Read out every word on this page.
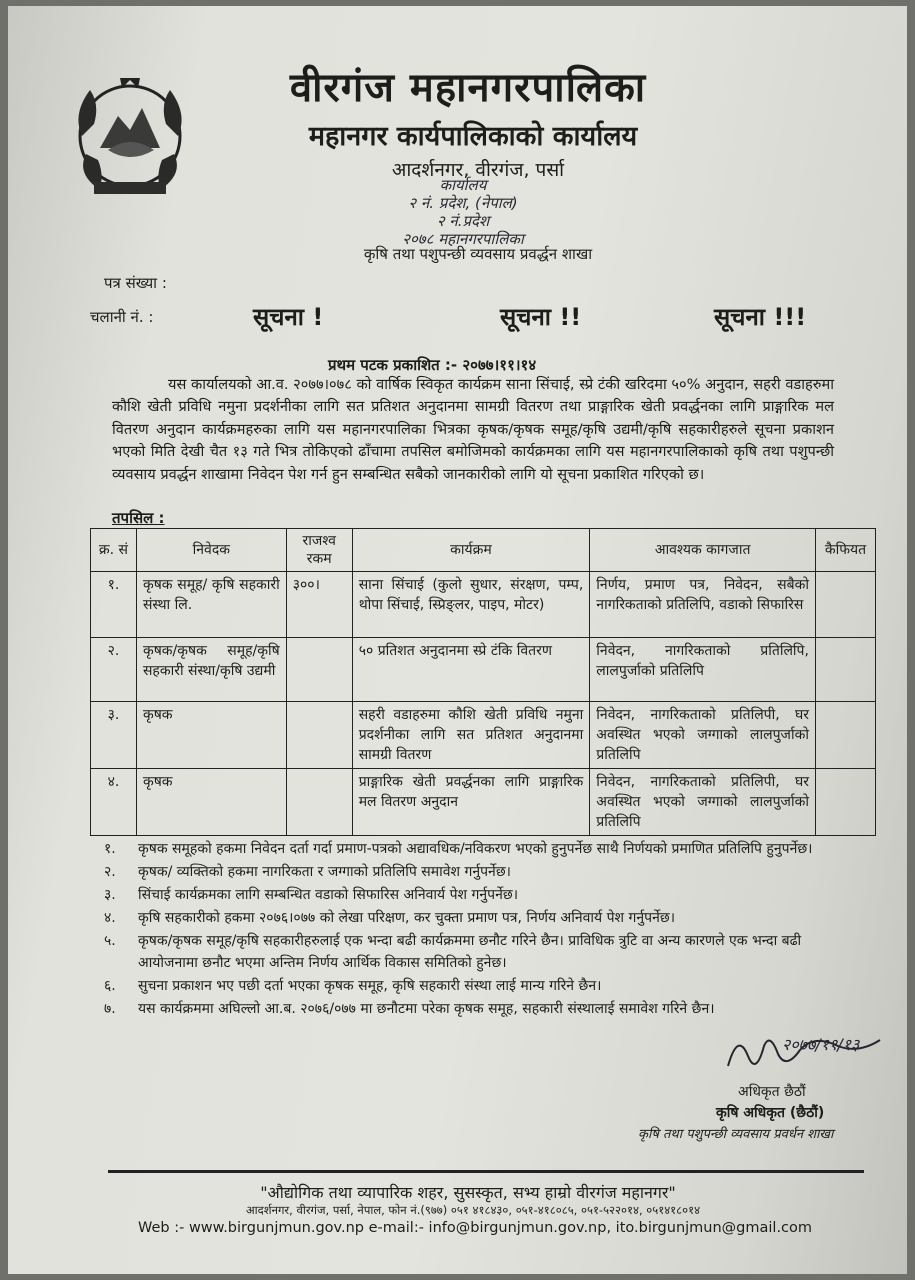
वीरगंज महानगरपालिका
महानगर कार्यपालिकाको कार्यालय
आदर्शनगर, वीरगंज, पर्सा
कार्यालय
२ नं. प्रदेश, (नेपाल)
२ नं.प्रदेश
२०७८ महानगरपालिका
कृषि तथा पशुपन्छी व्यवसाय प्रवर्द्धन शाखा
पत्र संख्या :
चलानी नं. :	सूचना !	सूचना !!	सूचना !!!
प्रथम पटक प्रकाशित :- २०७७।११।१४
यस कार्यालयको आ.व. २०७७।०७८ को वार्षिक स्विकृत कार्यक्रम साना सिंचाई, स्प्रे टंकी खरिदमा ५०% अनुदान, सहरी वडाहरुमा कौशि खेती प्रविधि नमुना प्रदर्शनीका लागि सत प्रतिशत अनुदानमा सामग्री वितरण तथा प्राङ्गारिक खेती प्रवर्द्धनका लागि प्राङ्गारिक मल वितरण अनुदान कार्यक्रमहरुका लागि यस महानगरपालिका भित्रका कृषक/कृषक समूह/कृषि उद्यमी/कृषि सहकारीहरुले सूचना प्रकाशन भएको मिति देखी चैत १३ गते भित्र तोकिएको ढाँचामा तपसिल बमोजिमको कार्यक्रमका लागि यस महानगरपालिकाको कृषि तथा पशुपन्छी व्यवसाय प्रवर्द्धन शाखामा निवेदन पेश गर्न हुन सम्बन्धित सबैको जानकारीको लागि यो सूचना प्रकाशित गरिएको छ।
तपसिल :
क्र. सं	निवेदक	राजश्व रकम	कार्यक्रम	आवश्यक कागजात	कैफियत
१.	कृषक समूह/ कृषि सहकारी संस्था लि.	३००।	साना सिंचाई (कुलो सुधार, संरक्षण, पम्प, थोपा सिंचाई, स्प्रिङ्लर, पाइप, मोटर)	निर्णय, प्रमाण पत्र, निवेदन, सबैको नागरिकताको प्रतिलिपि, वडाको सिफारिस	
२.	कृषक/कृषक समूह/कृषि सहकारी संस्था/कृषि उद्यमी		५० प्रतिशत अनुदानमा स्प्रे टंकि वितरण	निवेदन, नागरिकताको प्रतिलिपि, लालपुर्जाको प्रतिलिपि	
३.	कृषक		सहरी वडाहरुमा कौशि खेती प्रविधि नमुना प्रदर्शनीका लागि सत प्रतिशत अनुदानमा सामग्री वितरण	निवेदन, नागरिकताको प्रतिलिपी, घर अवस्थित भएको जग्गाको लालपुर्जाको प्रतिलिपि	
४.	कृषक		प्राङ्गारिक खेती प्रवर्द्धनका लागि प्राङ्गारिक मल वितरण अनुदान	निवेदन, नागरिकताको प्रतिलिपी, घर अवस्थित भएको जग्गाको लालपुर्जाको प्रतिलिपि	
१.	कृषक समूहको हकमा निवेदन दर्ता गर्दा प्रमाण-पत्रको अद्यावधिक/नविकरण भएको हुनुपर्नेछ साथै निर्णयको प्रमाणित प्रतिलिपि हुनुपर्नेछ।
२.	कृषक/ व्यक्तिको हकमा नागरिकता र जग्गाको प्रतिलिपि समावेश गर्नुपर्नेछ।
३.	सिंचाई कार्यक्रमका लागि सम्बन्धित वडाको सिफारिस अनिवार्य पेश गर्नुपर्नेछ।
४.	कृषि सहकारीको हकमा २०७६।०७७ को लेखा परिक्षण, कर चुक्ता प्रमाण पत्र, निर्णय अनिवार्य पेश गर्नुपर्नेछ।
५.	कृषक/कृषक समूह/कृषि सहकारीहरुलाई एक भन्दा बढी कार्यक्रममा छनौट गरिने छैन। प्राविधिक त्रुटि वा अन्य कारणले एक भन्दा बढी आयोजनामा छनौट भएमा अन्तिम निर्णय आर्थिक विकास समितिको हुनेछ।
६.	सुचना प्रकाशन भए पछी दर्ता भएका कृषक समूह, कृषि सहकारी संस्था लाई मान्य गरिने छैन।
७.	यस कार्यक्रममा अघिल्लो आ.ब. २०७६/०७७ मा छनौटमा परेका कृषक समूह, सहकारी संस्थालाई समावेश गरिने छैन।
२०७७/११/१३
अधिकृत छैठौं
कृषि अधिकृत (छैठौं)
कृषि तथा पशुपन्छी व्यवसाय प्रवर्धन शाखा
"औद्योगिक तथा व्यापारिक शहर, सुसस्कृत, सभ्य हाम्रो वीरगंज महानगर"
आदर्शनगर, वीरगंज, पर्सा, नेपाल, फोन नं.(९७७) ०५१ ४१८४३०, ०५१-४१८०८५, ०५१-५२२०१४, ०५१४१८०१४
Web :- www.birgunjmun.gov.np e-mail:- info@birgunjmun.gov.np, ito.birgunjmun@gmail.com
